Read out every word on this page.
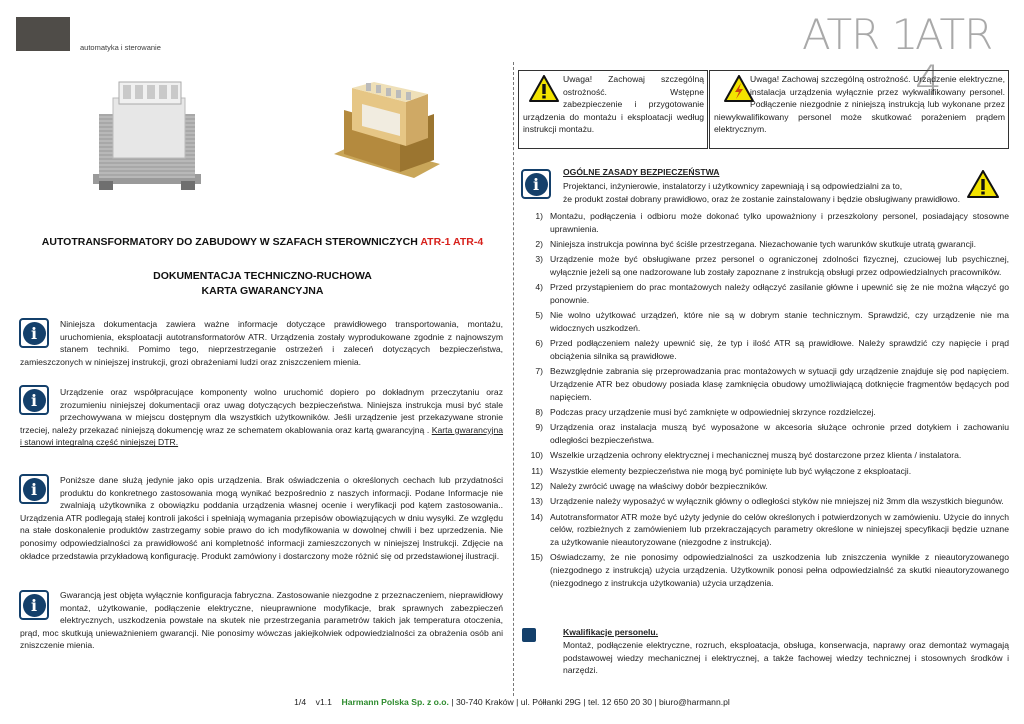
automatyka i sterowanie	ATR 1
ATR 4
AUTOTRANSFORMATORY DO ZABUDOWY W SZAFACH STEROWNICZYCH ATR-1 ATR-4
DOKUMENTACJA TECHNICZNO-RUCHOWA
KARTA GWARANCYJNA
i	Niniejsza dokumentacja zawiera ważne informacje dotyczące prawidłowego transportowania, montażu, uruchomienia, eksploatacji autotransformatorów ATR. Urządzenia zostały wyprodukowane zgodnie z najnowszym stanem techniki. Pomimo tego, nieprzestrzeganie ostrzeżeń i zaleceń dotyczących bezpieczeństwa, zamieszczonych w niniejszej instrukcji, grozi obrażeniami ludzi oraz zniszczeniem mienia.
i	Urządzenie oraz współpracujące komponenty wolno uruchomić dopiero po dokładnym przeczytaniu oraz zrozumieniu niniejszej dokumentacji oraz uwag dotyczących bezpieczeństwa. Niniejsza instrukcja musi być stale przechowywana w miejscu dostępnym dla wszystkich użytkowników. Jeśli urządzenie jest przekazywane stronie trzeciej, należy przekazać niniejszą dokumencję wraz ze schematem okablowania oraz kartą gwarancyjną . Karta gwarancyjna i stanowi integralną część niniejszej DTR.
i	Poniższe dane służą jedynie jako opis urządzenia. Brak oświadczenia o określonych cechach lub przydatności produktu do konkretnego zastosowania mogą wynikać bezpośrednio z naszych informacji. Podane Informacje nie zwalniają użytkownika z obowiązku poddania urządzenia własnej ocenie i weryfikacji pod kątem zastosowania.. Urządzenia ATR podlegają stałej kontroli jakości i spełniają wymagania przepisów obowiązujących w dniu wysyłki. Ze względu na stałe doskonalenie produktów zastrzegamy sobie prawo do ich modyfikowania w dowolnej chwili i bez uprzedzenia. Nie ponosimy odpowiedzialności za prawidłowość ani kompletność informacji zamieszczonych w niniejszej Instrukcji. Zdjęcie na okładce przedstawia przykładową konfigurację. Produkt zamówiony i dostarczony może różnić się od przedstawionej ilustracji.
i
Gwarancją jest objęta wyłącznie konfiguracja fabryczna. Zastosowanie niezgodne z przeznaczeniem, nieprawidłowy montaż, użytkowanie, podłączenie elektryczne, nieuprawnione modyfikacje, brak sprawnych zabezpieczeń elektrycznych, uszkodzenia powstałe na skutek nie przestrzegania parametrów takich jak temperatura otoczenia, prąd, moc skutkują unieważnieniem gwarancji. Nie ponosimy wówczas jakiejkolwiek odpowiedzialności za obrażenia osób ani zniszczenie mienia.
Uwaga! Zachowaj szczególną ostrożność. Wstępne zabezpieczenie i przygotowanie urządzenia do montażu i eksploatacji według instrukcji montażu.
Uwaga! Zachowaj szczególną ostrożność. Urządzenie elektryczne, instalacja urządzenia wyłącznie przez wykwalifikowany personel. Podłączenie niezgodnie z niniejszą instrukcją lub wykonane przez niewykwalifikowany personel może skutkować porażeniem prądem elektrycznym.
i
OGÓLNE ZASADY BEZPIECZEŃSTWA
Projektanci, inżynierowie, instalatorzy i użytkownicy zapewniają i są odpowiedzialni za to,
że produkt został dobrany prawidłowo, oraz że zostanie zainstalowany i będzie obsługiwany prawidłowo.
1) Montażu, podłączenia i odbioru może dokonać tylko upoważniony i przeszkolony personel, posiadający stosowne uprawnienia.
2) Niniejsza instrukcja powinna być ściśle przestrzegana. Niezachowanie tych warunków skutkuje utratą gwarancji.
3) Urządzenie może być obsługiwane przez personel o ograniczonej zdolności fizycznej, czuciowej lub psychicznej, wyłącznie jeżeli są one nadzorowane lub zostały zapoznane z instrukcją obsługi przez odpowiedzialnych pracowników.
4) Przed przystąpieniem do prac montażowych należy odłączyć zasilanie główne i upewnić się że nie można włączyć go ponownie.
5) Nie wolno użytkować urządzeń, które nie są w dobrym stanie technicznym. Sprawdzić, czy urządzenie nie ma widocznych uszkodzeń.
6) Przed podłączeniem należy upewnić się, że typ i ilość ATR są prawidłowe. Należy sprawdzić czy napięcie i prąd obciążenia silnika są prawidłowe.
7) Bezwzględnie zabrania się przeprowadzania prac montażowych w sytuacji gdy urządzenie znajduje się pod napięciem. Urządzenie ATR bez obudowy posiada klasę zamknięcia obudowy umożliwiającą dotknięcie fragmentów będących pod napięciem.
8) Podczas pracy urządzenie musi być zamknięte w odpowiedniej skrzynce rozdzielczej.
9) Urządzenia oraz instalacja muszą być wyposażone w akcesoria służące ochronie przed dotykiem i zachowaniu odległości bezpieczeństwa.
10) Wszelkie urządzenia ochrony elektrycznej i mechanicznej muszą być dostarczone przez klienta / instalatora.
11) Wszystkie elementy bezpieczeństwa nie mogą być pominięte lub być wyłączone z eksploatacji.
12) Należy zwrócić uwagę na właściwy dobór bezpieczników.
13) Urządzenie należy wyposażyć w wyłącznik główny o odległości styków nie mniejszej niż 3mm dla wszystkich biegunów.
14) Autotransformator ATR może być użyty jedynie do celów określonych i potwierdzonych w zamówieniu. Użycie do innych celów, rozbieżnych z zamówieniem lub przekraczających parametry określone w niniejszej specyfikacji będzie uznane za użytkowanie nieautoryzowane (niezgodne z instrukcją).
15) Oświadczamy, że nie ponosimy odpowiedzialności za uszkodzenia lub zniszczenia wynikłe z nieautoryzowanego (niezgodnego z instrukcją) użycia urządzenia. Użytkownik ponosi pełna odpowiedzialnść za skutki nieautoryzowanego (niezgodnego z instrukcja użytkowania) użycia urządzenia.
Kwalifikacje personelu.
Montaż, podłączenie elektryczne, rozruch, eksploatacja, obsługa, konserwacja, naprawy oraz demontaż wymagają podstawowej wiedzy mechanicznej i elektrycznej, a także fachowej wiedzy technicznej i stosownych środków i narzędzi.
1/4 v1.1 Harmann Polska Sp. z o.o. | 30-740 Kraków | ul. Półłanki 29G | tel. 12 650 20 30 | biuro@harmann.pl
